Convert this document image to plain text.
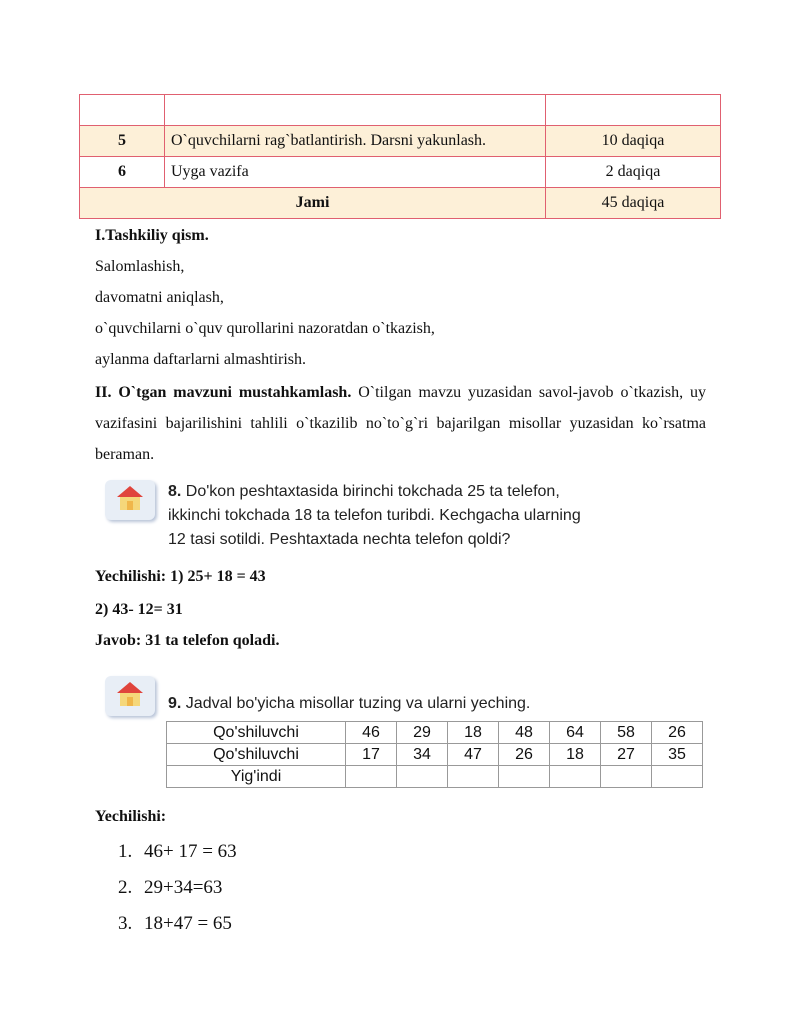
5	O`quvchilarni rag`batlantirish. Darsni yakunlash.	10 daqiqa
6	Uyga vazifa	2 daqiqa
Jami		45 daqiqa

I.Tashkiliy qism.

Salomlashish,

davomatni aniqlash,

o`quvchilarni o`quv qurollarini nazoratdan o`tkazish,

aylanma daftarlarni almashtirish.

II. O`tgan mavzuni mustahkamlash. O`tilgan mavzu yuzasidan savol-javob o`tkazish, uy vazifasini bajarilishini tahlili o`tkazilib no`to`g`ri bajarilgan misollar yuzasidan ko`rsatma beraman.

8. Do'kon peshtaxtasida birinchi tokchada 25 ta telefon,
ikkinchi tokchada 18 ta telefon turibdi. Kechgacha ularning
12 tasi sotildi. Peshtaxtada nechta telefon qoldi?

Yechilishi: 1) 25+ 18 = 43

2) 43- 12= 31

Javob: 31 ta telefon qoladi.

9. Jadval bo'yicha misollar tuzing va ularni yeching.
Qo'shiluvchi	46	29	18	48	64	58	26
Qo'shiluvchi	17	34	47	26	18	27	35
Yig'indi							

Yechilishi:

1. 46+ 17 = 63
2. 29+34=63
3. 18+47 = 65
